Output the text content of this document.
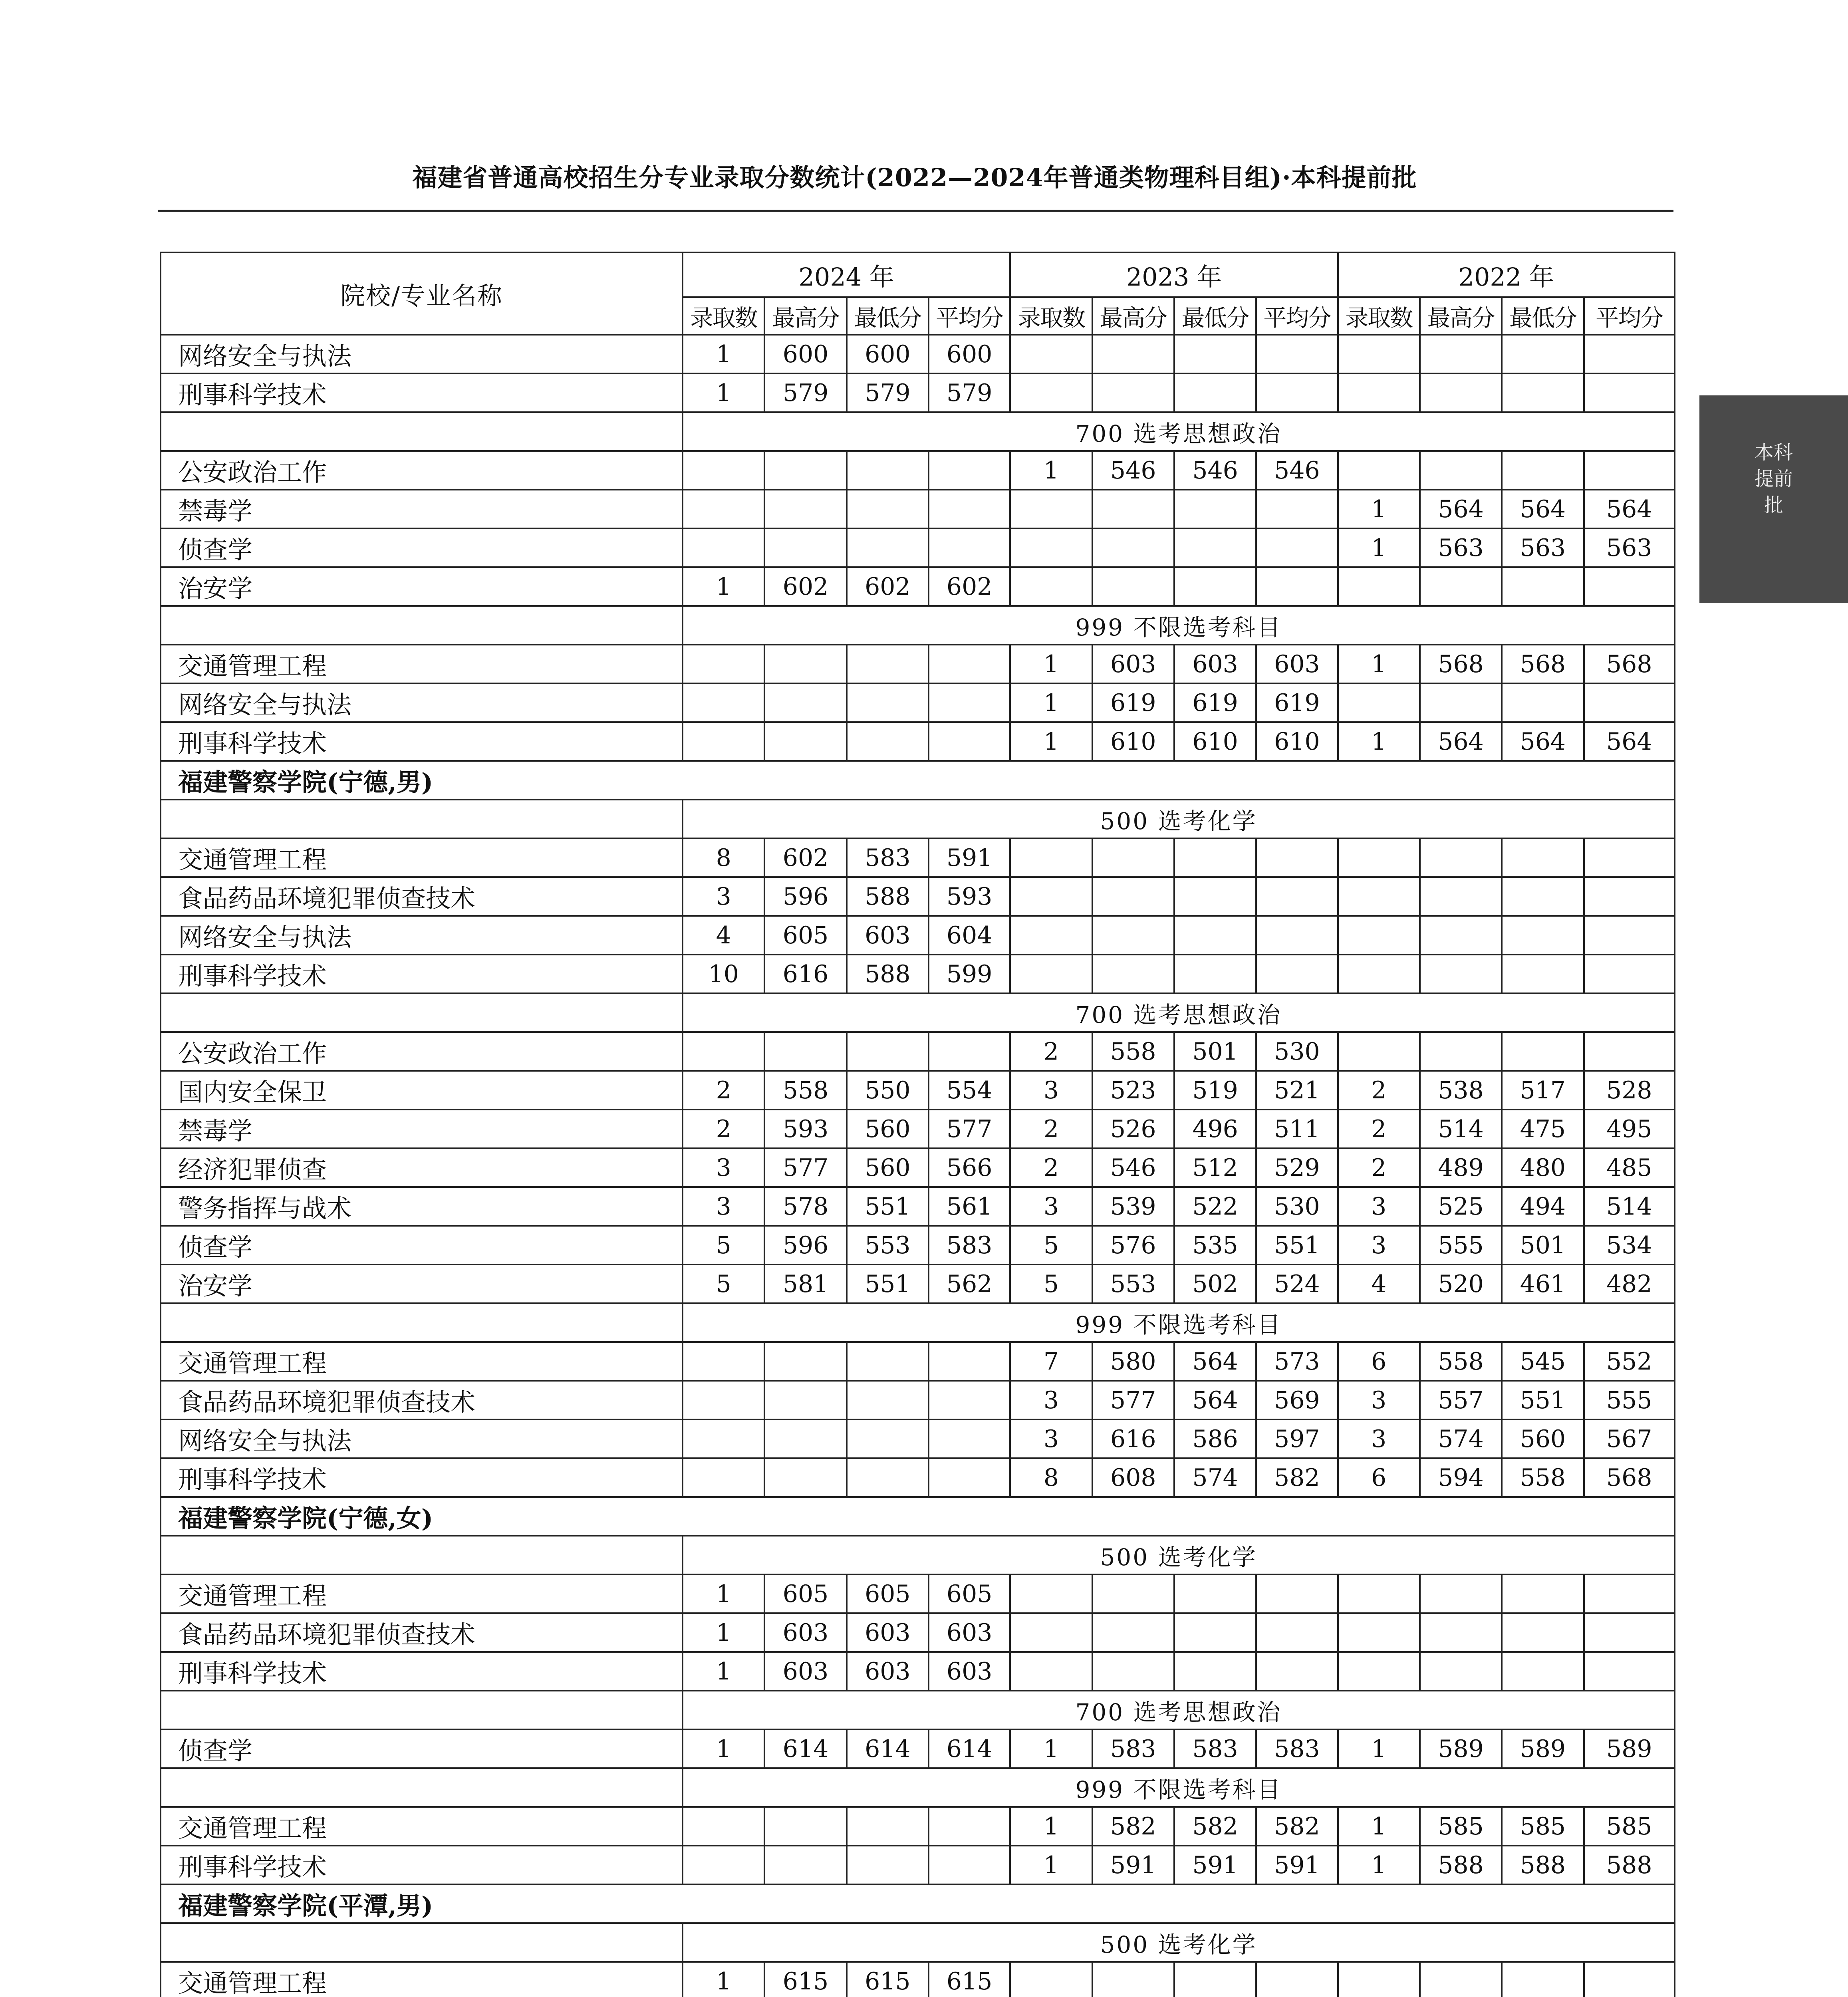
福建省普通高校招生分专业录取分数统计(2022—2024年普通类物理科目组)·本科提前批
本科提前批
院校/专业名称	2024 年				2023 年				2022 年			
	录取数	最高分	最低分	平均分	录取数	最高分	最低分	平均分	录取数	最高分	最低分	平均分
网络安全与执法	1	600	600	600								
刑事科学技术	1	579	579	579								
	700 选考思想政治											
公安政治工作					1	546	546	546				
禁毒学									1	564	564	564
侦查学									1	563	563	563
治安学	1	602	602	602								
	999 不限选考科目											
交通管理工程					1	603	603	603	1	568	568	568
网络安全与执法					1	619	619	619				
刑事科学技术					1	610	610	610	1	564	564	564
福建警察学院(宁德,男)												
	500 选考化学											
交通管理工程	8	602	583	591								
食品药品环境犯罪侦查技术	3	596	588	593								
网络安全与执法	4	605	603	604								
刑事科学技术	10	616	588	599								
	700 选考思想政治											
公安政治工作					2	558	501	530				
国内安全保卫	2	558	550	554	3	523	519	521	2	538	517	528
禁毒学	2	593	560	577	2	526	496	511	2	514	475	495
经济犯罪侦查	3	577	560	566	2	546	512	529	2	489	480	485
警务指挥与战术	3	578	551	561	3	539	522	530	3	525	494	514
侦查学	5	596	553	583	5	576	535	551	3	555	501	534
治安学	5	581	551	562	5	553	502	524	4	520	461	482
	999 不限选考科目											
交通管理工程					7	580	564	573	6	558	545	552
食品药品环境犯罪侦查技术					3	577	564	569	3	557	551	555
网络安全与执法					3	616	586	597	3	574	560	567
刑事科学技术					8	608	574	582	6	594	558	568
福建警察学院(宁德,女)												
	500 选考化学											
交通管理工程	1	605	605	605								
食品药品环境犯罪侦查技术	1	603	603	603								
刑事科学技术	1	603	603	603								
	700 选考思想政治											
侦查学	1	614	614	614	1	583	583	583	1	589	589	589
	999 不限选考科目											
交通管理工程					1	582	582	582	1	585	585	585
刑事科学技术					1	591	591	591	1	588	588	588
福建警察学院(平潭,男)												
	500 选考化学											
交通管理工程	1	615	615	615								
